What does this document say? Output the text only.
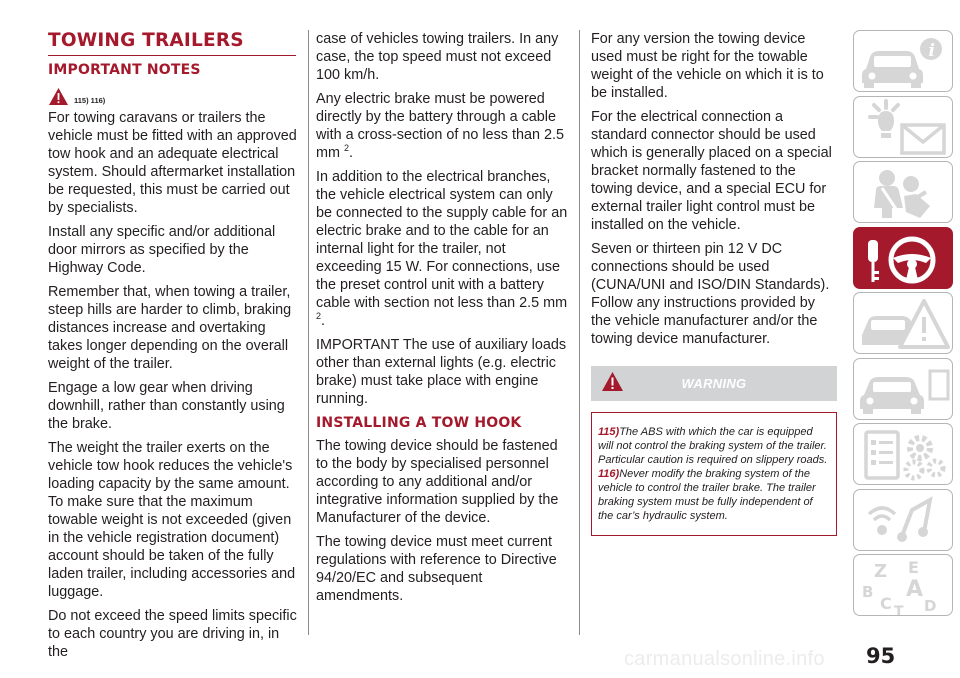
TOWING TRAILERS
IMPORTANT NOTES
115) 116)

For towing caravans or trailers the vehicle must be fitted with an approved tow hook and an adequate electrical system. Should aftermarket installation be requested, this must be carried out by specialists.

Install any specific and/or additional door mirrors as specified by the Highway Code.

Remember that, when towing a trailer, steep hills are harder to climb, braking distances increase and overtaking takes longer depending on the overall weight of the trailer.

Engage a low gear when driving downhill, rather than constantly using the brake.

The weight the trailer exerts on the vehicle tow hook reduces the vehicle's loading capacity by the same amount. To make sure that the maximum towable weight is not exceeded (given in the vehicle registration document) account should be taken of the fully laden trailer, including accessories and luggage.

Do not exceed the speed limits specific to each country you are driving in, in the

case of vehicles towing trailers. In any case, the top speed must not exceed 100 km/h.

Any electric brake must be powered directly by the battery through a cable with a cross-section of no less than 2.5 mm $^2$.

In addition to the electrical branches, the vehicle electrical system can only be connected to the supply cable for an electric brake and to the cable for an internal light for the trailer, not exceeding 15 W. For connections, use the preset control unit with a battery cable with section not less than 2.5 mm $^2$.

IMPORTANT The use of auxiliary loads other than external lights (e.g. electric brake) must take place with engine running.

INSTALLING A TOW HOOK

The towing device should be fastened to the body by specialised personnel according to any additional and/or integrative information supplied by the Manufacturer of the device.

The towing device must meet current regulations with reference to Directive 94/20/EC and subsequent amendments.

For any version the towing device used must be right for the towable weight of the vehicle on which it is to be installed.

For the electrical connection a standard connector should be used which is generally placed on a special bracket normally fastened to the towing device, and a special ECU for external trailer light control must be installed on the vehicle.

Seven or thirteen pin 12 V DC connections should be used (CUNA/UNI and ISO/DIN Standards). Follow any instructions provided by the vehicle manufacturer and/or the towing device manufacturer.

WARNING

115)The ABS with which the car is equipped will not control the braking system of the trailer. Particular caution is required on slippery roads.

116)Never modify the braking system of the vehicle to control the trailer brake. The trailer braking system must be fully independent of the car’s hydraulic system.

i
Z E
B A
C T D
95
carmanualsonline.info
